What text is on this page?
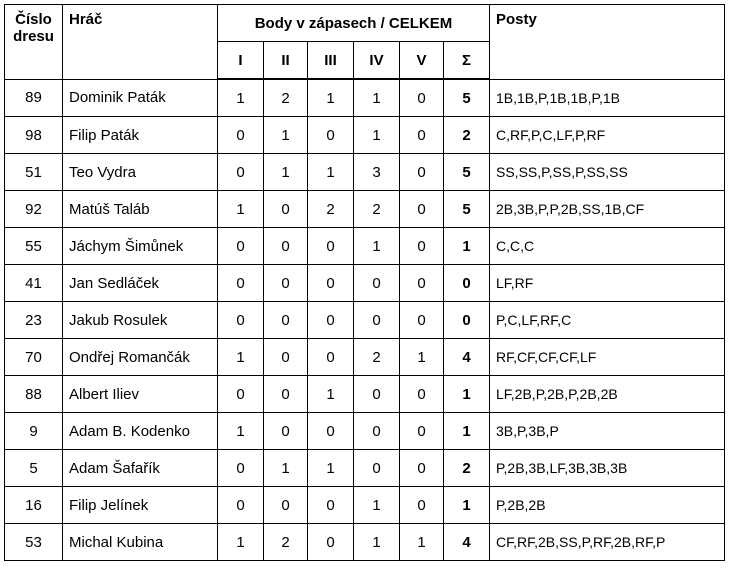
Číslo
dresu	Hráč	Body v zápasech / CELKEM						Posty
		I	II	III	IV	V	Σ	
89	Dominik Paták	1	2	1	1	0	5	1B,1B,P,1B,1B,P,1B
98	Filip Paták	0	1	0	1	0	2	C,RF,P,C,LF,P,RF
51	Teo Vydra	0	1	1	3	0	5	SS,SS,P,SS,P,SS,SS
92	Matúš Taláb	1	0	2	2	0	5	2B,3B,P,P,2B,SS,1B,CF
55	Jáchym Šimůnek	0	0	0	1	0	1	C,C,C
41	Jan Sedláček	0	0	0	0	0	0	LF,RF
23	Jakub Rosulek	0	0	0	0	0	0	P,C,LF,RF,C
70	Ondřej Romančák	1	0	0	2	1	4	RF,CF,CF,CF,LF
88	Albert Iliev	0	0	1	0	0	1	LF,2B,P,2B,P,2B,2B
9	Adam B. Kodenko	1	0	0	0	0	1	3B,P,3B,P
5	Adam Šafařík	0	1	1	0	0	2	P,2B,3B,LF,3B,3B,3B
16	Filip Jelínek	0	0	0	1	0	1	P,2B,2B
53	Michal Kubina	1	2	0	1	1	4	CF,RF,2B,SS,P,RF,2B,RF,P
